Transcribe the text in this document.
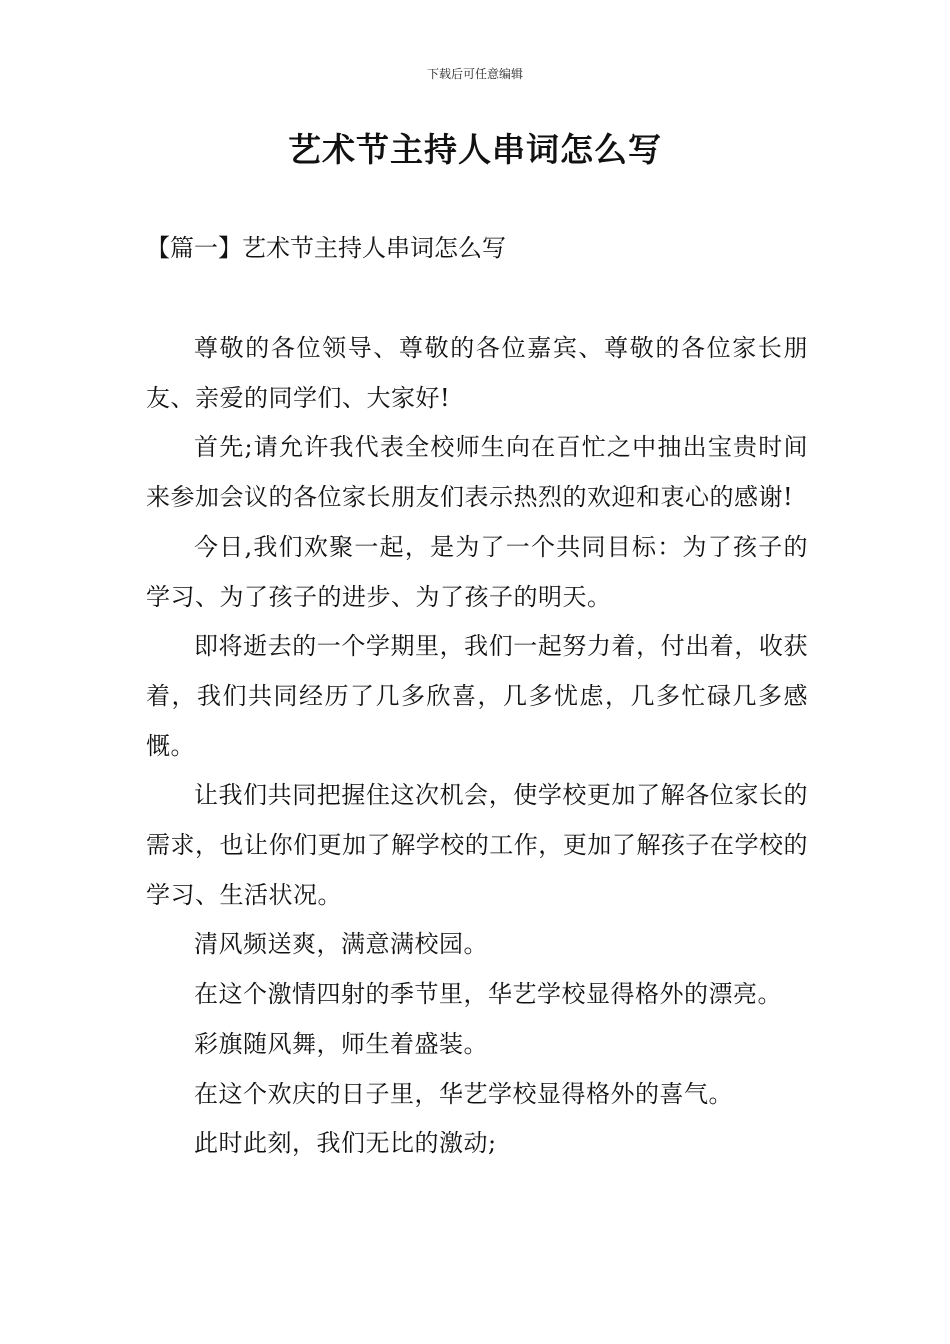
下载后可任意编辑
艺术节主持人串词怎么写
【篇一】艺术节主持人串词怎么写

尊敬的各位领导、尊敬的各位嘉宾、尊敬的各位家长朋友、亲爱的同学们、大家好!

首先;请允许我代表全校师生向在百忙之中抽出宝贵时间来参加会议的各位家长朋友们表示热烈的欢迎和衷心的感谢!

今日,我们欢聚一起，是为了一个共同目标：为了孩子的学习、为了孩子的进步、为了孩子的明天。

即将逝去的一个学期里，我们一起努力着，付出着，收获着，我们共同经历了几多欣喜，几多忧虑，几多忙碌几多感慨。

让我们共同把握住这次机会，使学校更加了解各位家长的需求，也让你们更加了解学校的工作，更加了解孩子在学校的学习、生活状况。

清风频送爽，满意满校园。

在这个激情四射的季节里，华艺学校显得格外的漂亮。

彩旗随风舞，师生着盛装。

在这个欢庆的日子里，华艺学校显得格外的喜气。

此时此刻，我们无比的激动;
